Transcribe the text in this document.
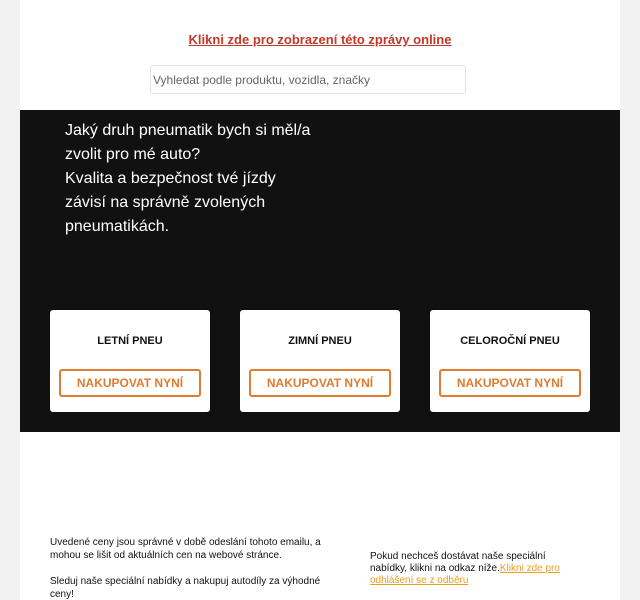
Klikni zde pro zobrazení této zprávy online
Vyhledat podle produktu, vozidla, značky
Jaký druh pneumatik bych si měl/a
zvolit pro mé auto?
Kvalita a bezpečnost tvé jízdy
závisí na správně zvolených
pneumatikách.
LETNÍ PNEU
NAKUPOVAT NYNÍ
ZIMNÍ PNEU
NAKUPOVAT NYNÍ
CELOROČNÍ PNEU
NAKUPOVAT NYNÍ

Uvedené ceny jsou správné v době odeslání tohoto emailu, a mohou se lišit od aktuálních cen na webové stránce.

Sleduj naše speciální nabídky a nakupuj autodíly za výhodné ceny!

Pokud nechceš dostávat naše speciální nabídky, klikni na odkaz níže.Klikni zde pro odhlášení se z odběru
